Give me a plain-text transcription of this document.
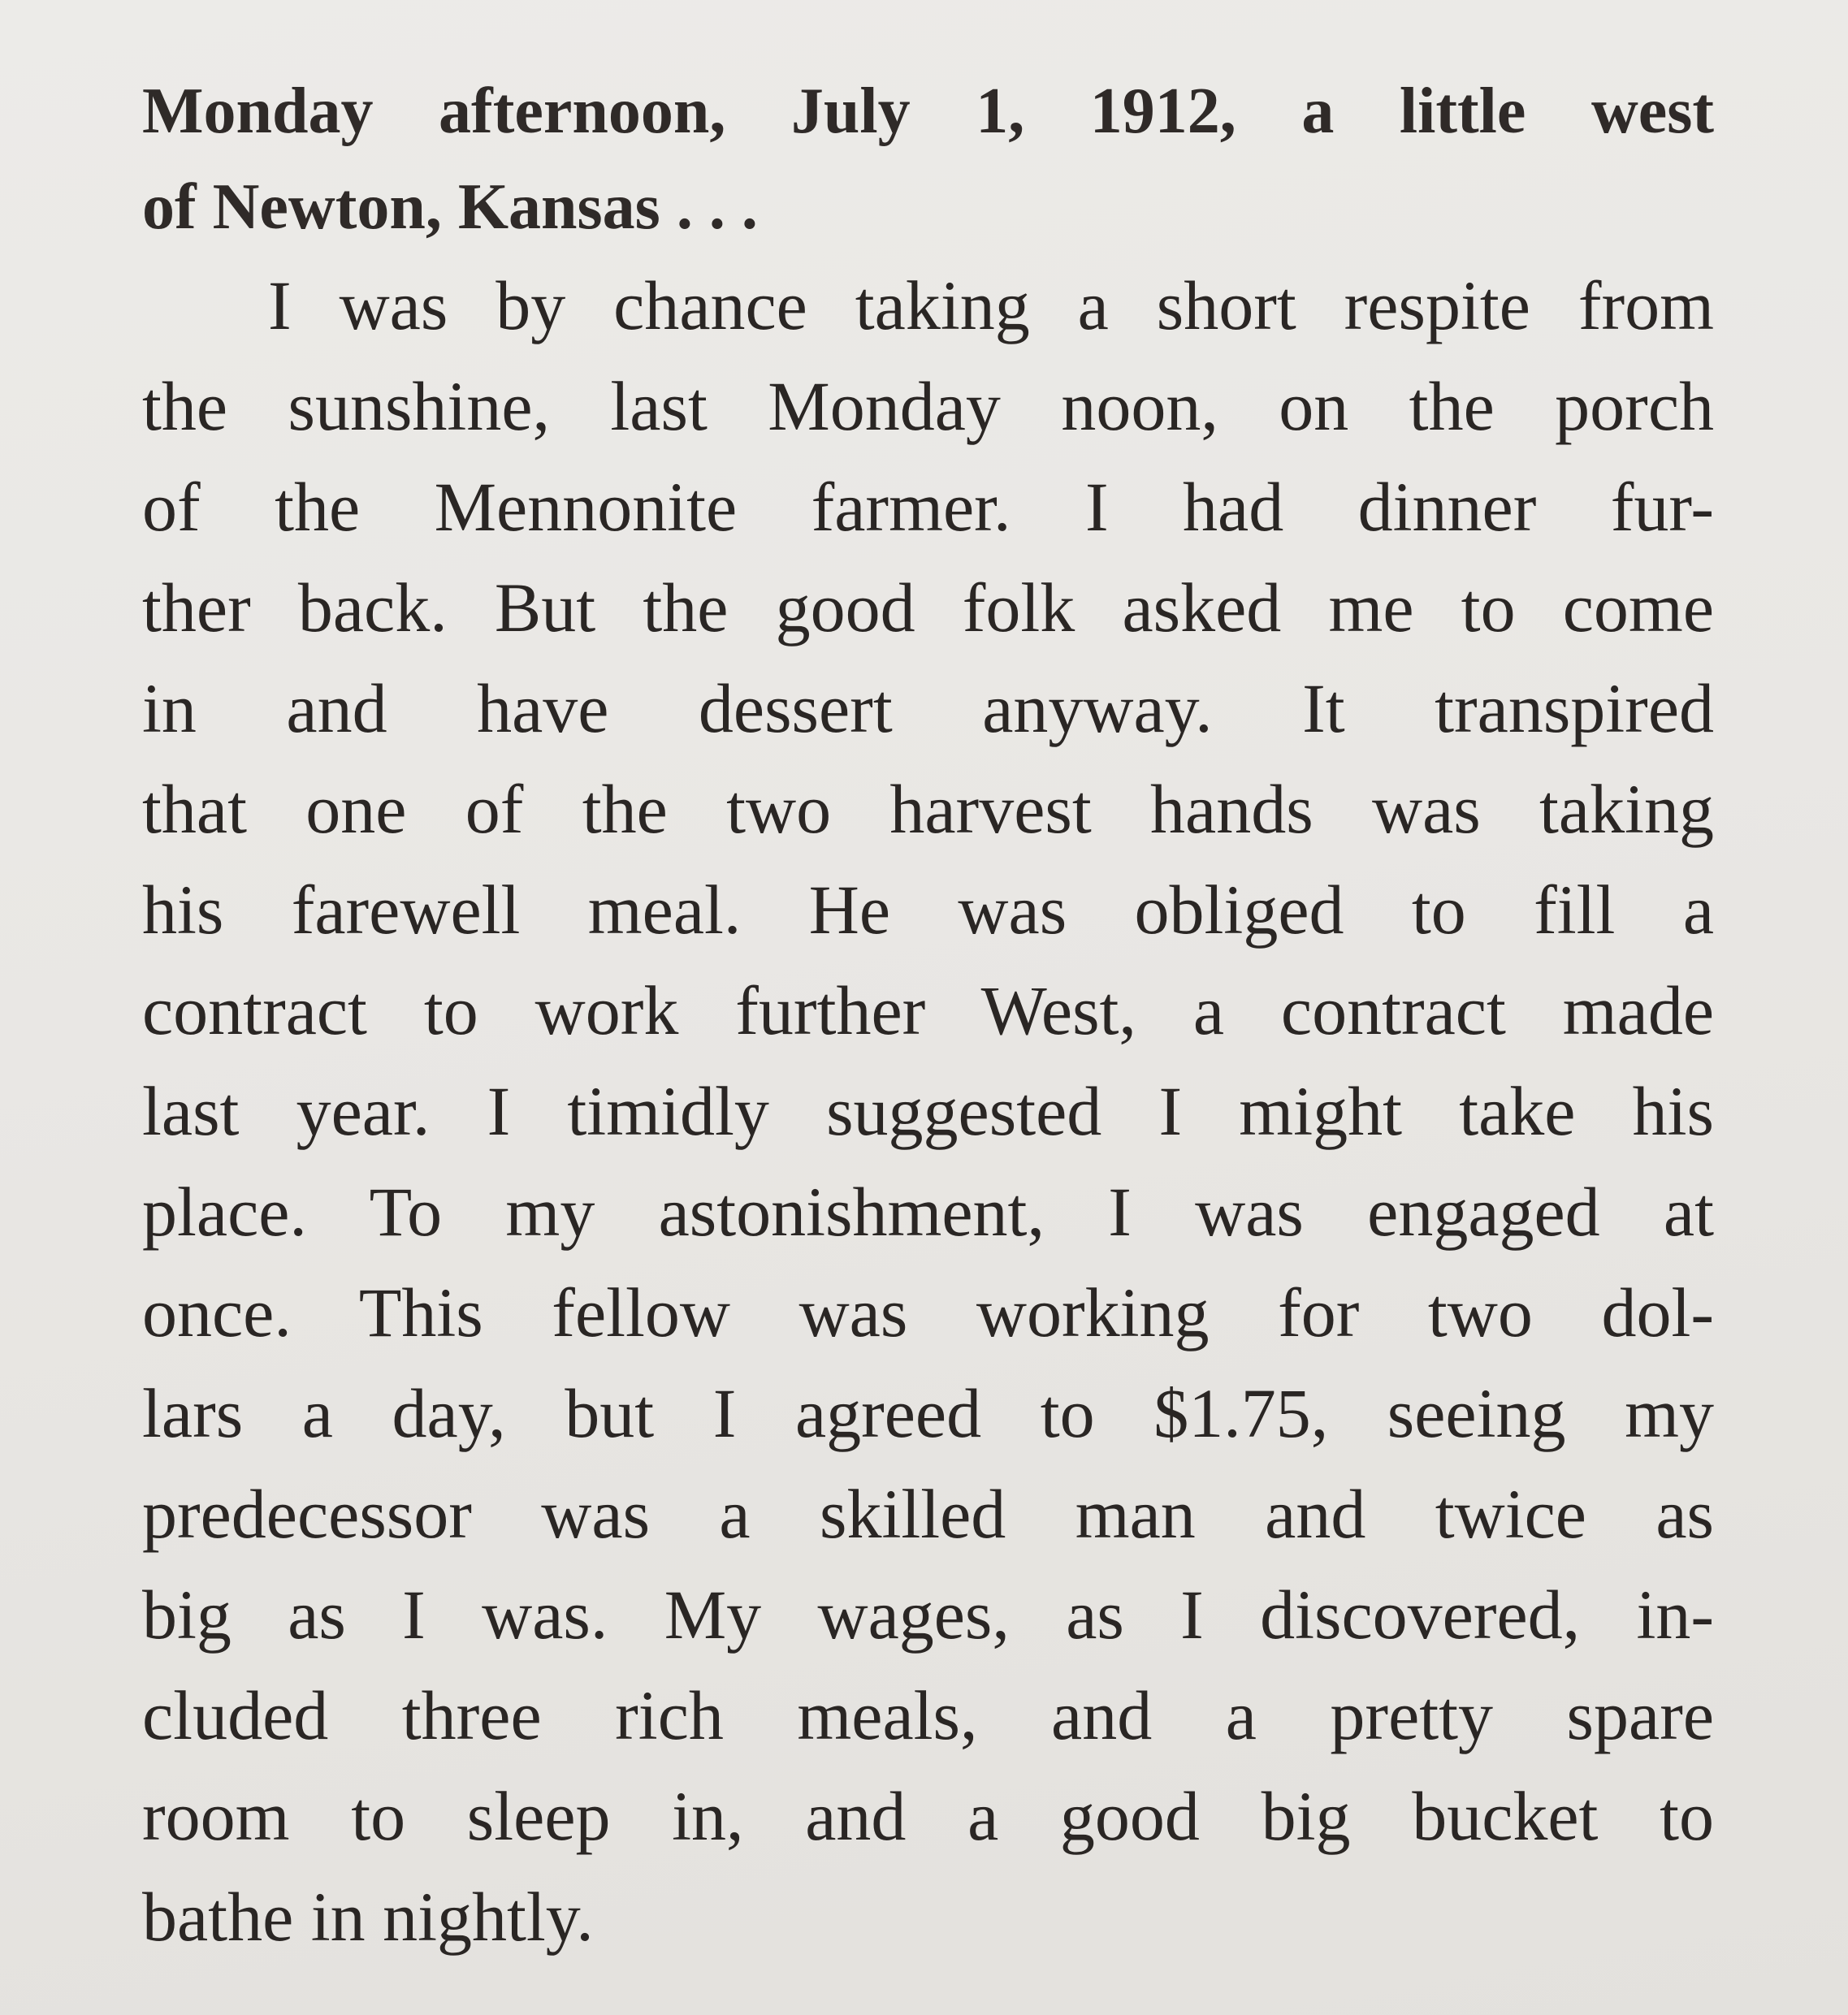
Monday afternoon, July 1, 1912, a little west
of Newton, Kansas . . .
I was by chance taking a short respite from
the sunshine, last Monday noon, on the porch
of the Mennonite farmer. I had dinner fur-
ther back. But the good folk asked me to come
in and have dessert anyway. It transpired
that one of the two harvest hands was taking
his farewell meal. He was obliged to fill a
contract to work further West, a contract made
last year. I timidly suggested I might take his
place. To my astonishment, I was engaged at
once. This fellow was working for two dol-
lars a day, but I agreed to $1.75, seeing my
predecessor was a skilled man and twice as
big as I was. My wages, as I discovered, in-
cluded three rich meals, and a pretty spare
room to sleep in, and a good big bucket to
bathe in nightly.
